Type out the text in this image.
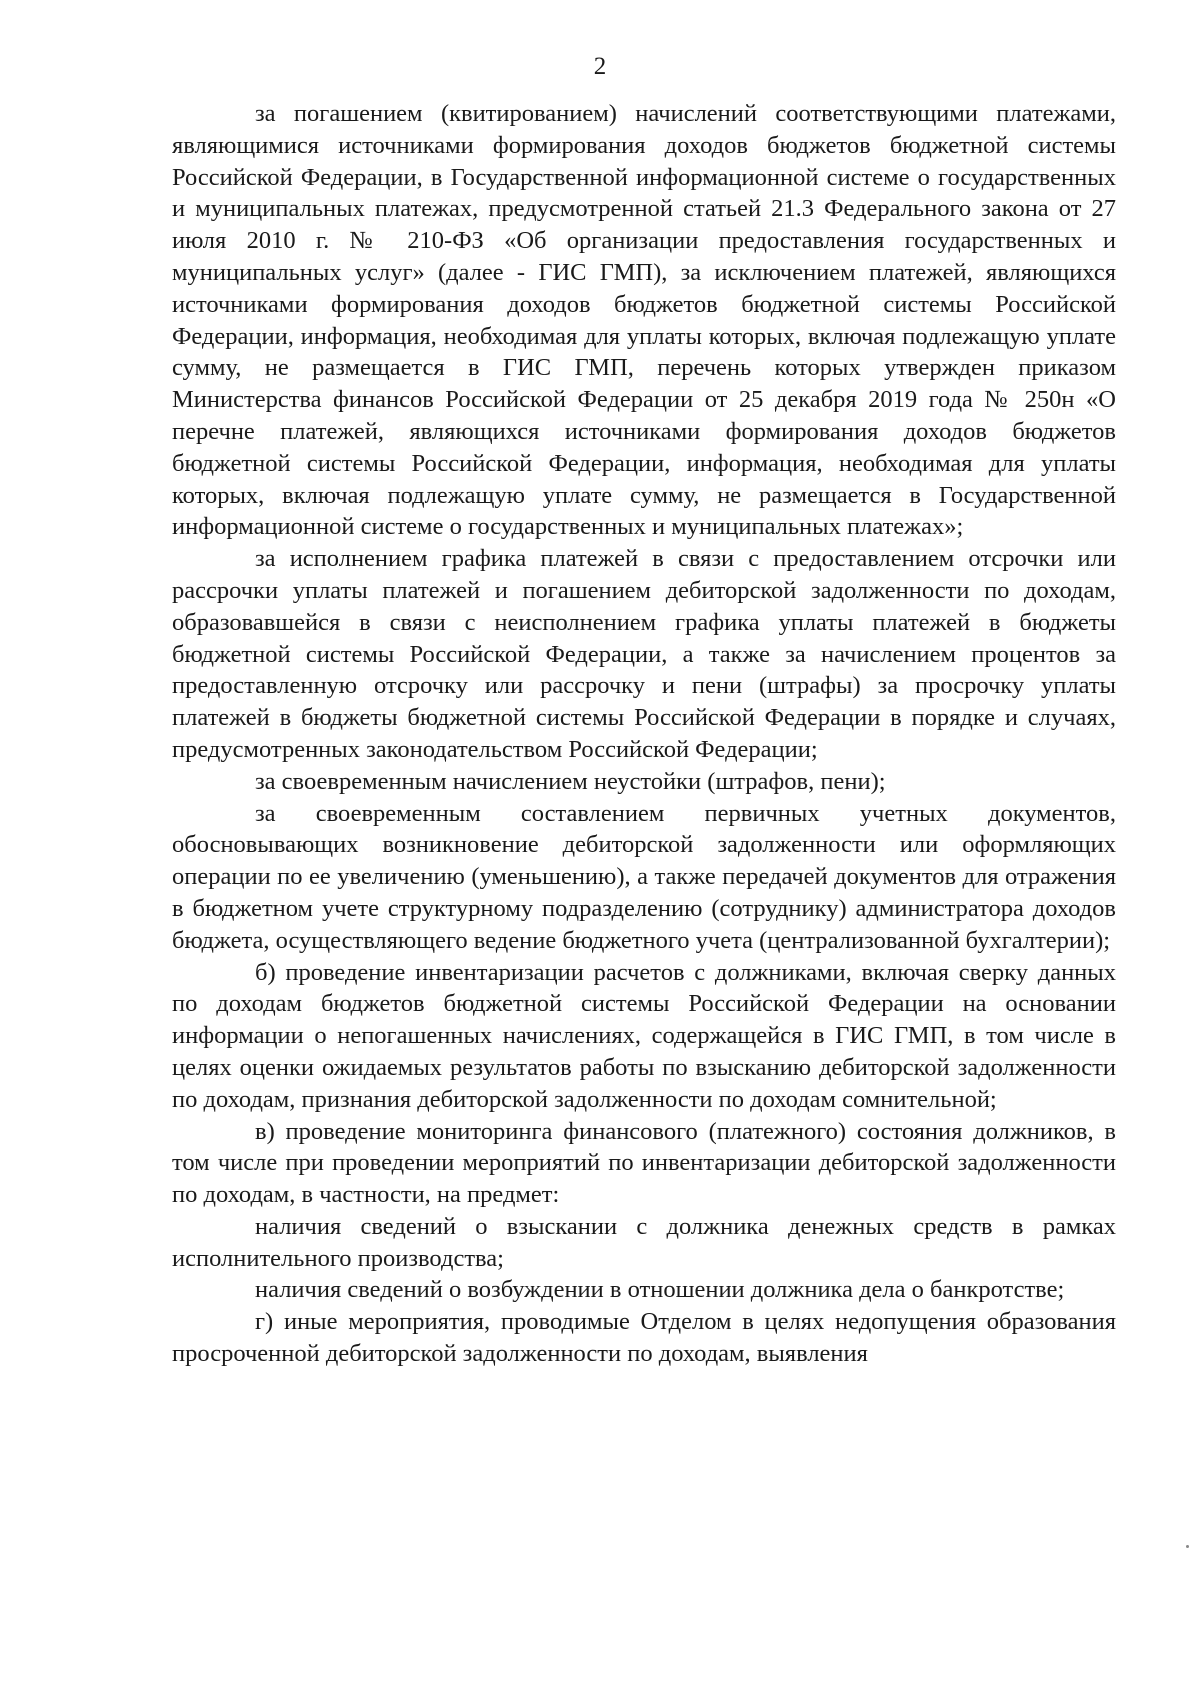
2

за погашением (квитированием) начислений соответствующими платежами, являющимися источниками формирования доходов бюджетов бюджетной системы Российской Федерации, в Государственной информационной системе о государственных и муниципальных платежах, предусмотренной статьей 21.3 Федерального закона от 27 июля 2010 г. № 210-ФЗ «Об организации предоставления государственных и муниципальных услуг» (далее - ГИС ГМП), за исключением платежей, являющихся источниками формирования доходов бюджетов бюджетной системы Российской Федерации, информация, необходимая для уплаты которых, включая подлежащую уплате сумму, не размещается в ГИС ГМП, перечень которых утвержден приказом Министерства финансов Российской Федерации от 25 декабря 2019 года № 250н «О перечне платежей, являющихся источниками формирования доходов бюджетов бюджетной системы Российской Федерации, информация, необходимая для уплаты которых, включая подлежащую уплате сумму, не размещается в Государственной информационной системе о государственных и муниципальных платежах»;

за исполнением графика платежей в связи с предоставлением отсрочки или рассрочки уплаты платежей и погашением дебиторской задолженности по доходам, образовавшейся в связи с неисполнением графика уплаты платежей в бюджеты бюджетной системы Российской Федерации, а также за начислением процентов за предоставленную отсрочку или рассрочку и пени (штрафы) за просрочку уплаты платежей в бюджеты бюджетной системы Российской Федерации в порядке и случаях, предусмотренных законодательством Российской Федерации;

за своевременным начислением неустойки (штрафов, пени);

за своевременным составлением первичных учетных документов, обосновывающих возникновение дебиторской задолженности или оформляющих операции по ее увеличению (уменьшению), а также передачей документов для отражения в бюджетном учете структурному подразделению (сотруднику) администратора доходов бюджета, осуществляющего ведение бюджетного учета (централизованной бухгалтерии);

б) проведение инвентаризации расчетов с должниками, включая сверку данных по доходам бюджетов бюджетной системы Российской Федерации на основании информации о непогашенных начислениях, содержащейся в ГИС ГМП, в том числе в целях оценки ожидаемых результатов работы по взысканию дебиторской задолженности по доходам, признания дебиторской задолженности по доходам сомнительной;

в) проведение мониторинга финансового (платежного) состояния должников, в том числе при проведении мероприятий по инвентаризации дебиторской задолженности по доходам, в частности, на предмет:

наличия сведений о взыскании с должника денежных средств в рамках исполнительного производства;

наличия сведений о возбуждении в отношении должника дела о банкротстве;

г) иные мероприятия, проводимые Отделом в целях недопущения образования просроченной дебиторской задолженности по доходам, выявления
